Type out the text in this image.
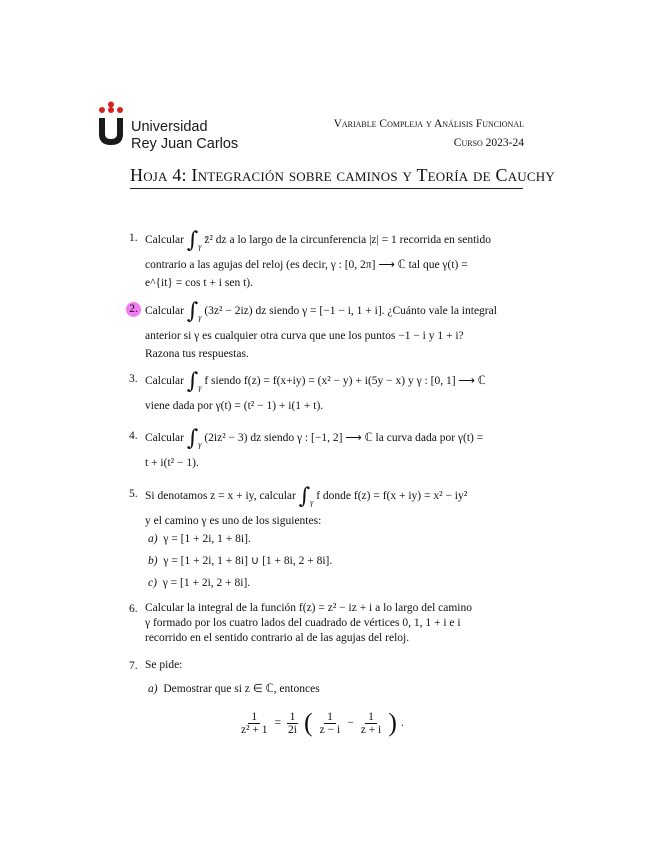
Universidad
Rey Juan Carlos
Variable Compleja y Análisis Funcional
Curso 2023-24
Hoja 4: Integración sobre caminos y Teoría de Cauchy
1. Calcular $\int_\gamma$ z̄² dz a lo largo de la circunferencia |z| = 1 recorrida en sentido
contrario a las agujas del reloj (es decir, γ : [0, 2π] ⟶ ℂ tal que γ(t) =
e^{it} = cos t + i sen t).
2. Calcular $\int_\gamma$ (3z² − 2iz) dz siendo γ = [−1 − i, 1 + i]. ¿Cuánto vale la integral
anterior si γ es cualquier otra curva que une los puntos −1 − i y 1 + i?
Razona tus respuestas.
3. Calcular $\int_\gamma$ f siendo f(z) = f(x+iy) = (x² − y) + i(5y − x) y γ : [0, 1] ⟶ ℂ
viene dada por γ(t) = (t² − 1) + i(1 + t).
4. Calcular $\int_\gamma$ (2iz² − 3) dz siendo γ : [−1, 2] ⟶ ℂ la curva dada por γ(t) =
t + i(t² − 1).
5. Si denotamos z = x + iy, calcular $\int_\gamma$ f donde f(z) = f(x + iy) = x² − iy²
y el camino γ es uno de los siguientes:
a) γ = [1 + 2i, 1 + 8i].
b) γ = [1 + 2i, 1 + 8i] ∪ [1 + 8i, 2 + 8i].
c) γ = [1 + 2i, 2 + 8i].
6. Calcular la integral de la función f(z) = z² − iz + i a lo largo del camino
γ formado por los cuatro lados del cuadrado de vértices 0, 1, 1 + i e i
recorrido en el sentido contrario al de las agujas del reloj.
7. Se pide:
a) Demostrar que si z ∈ ℂ, entonces
$\frac{1}{\text{z² + 1}} = \frac{1}{2i}$ ( $\frac{1}{z - i} - \frac{1}{z + i}$ ) .
